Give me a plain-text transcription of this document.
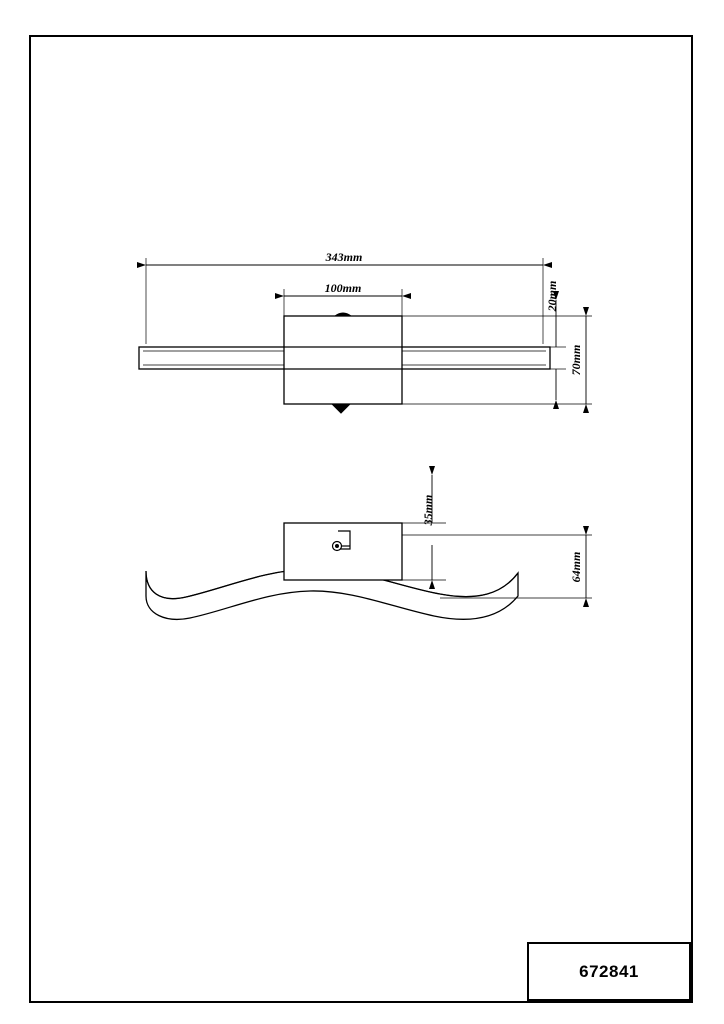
343mm
100mm	20mm
70mm
35mm
64mm
672841
